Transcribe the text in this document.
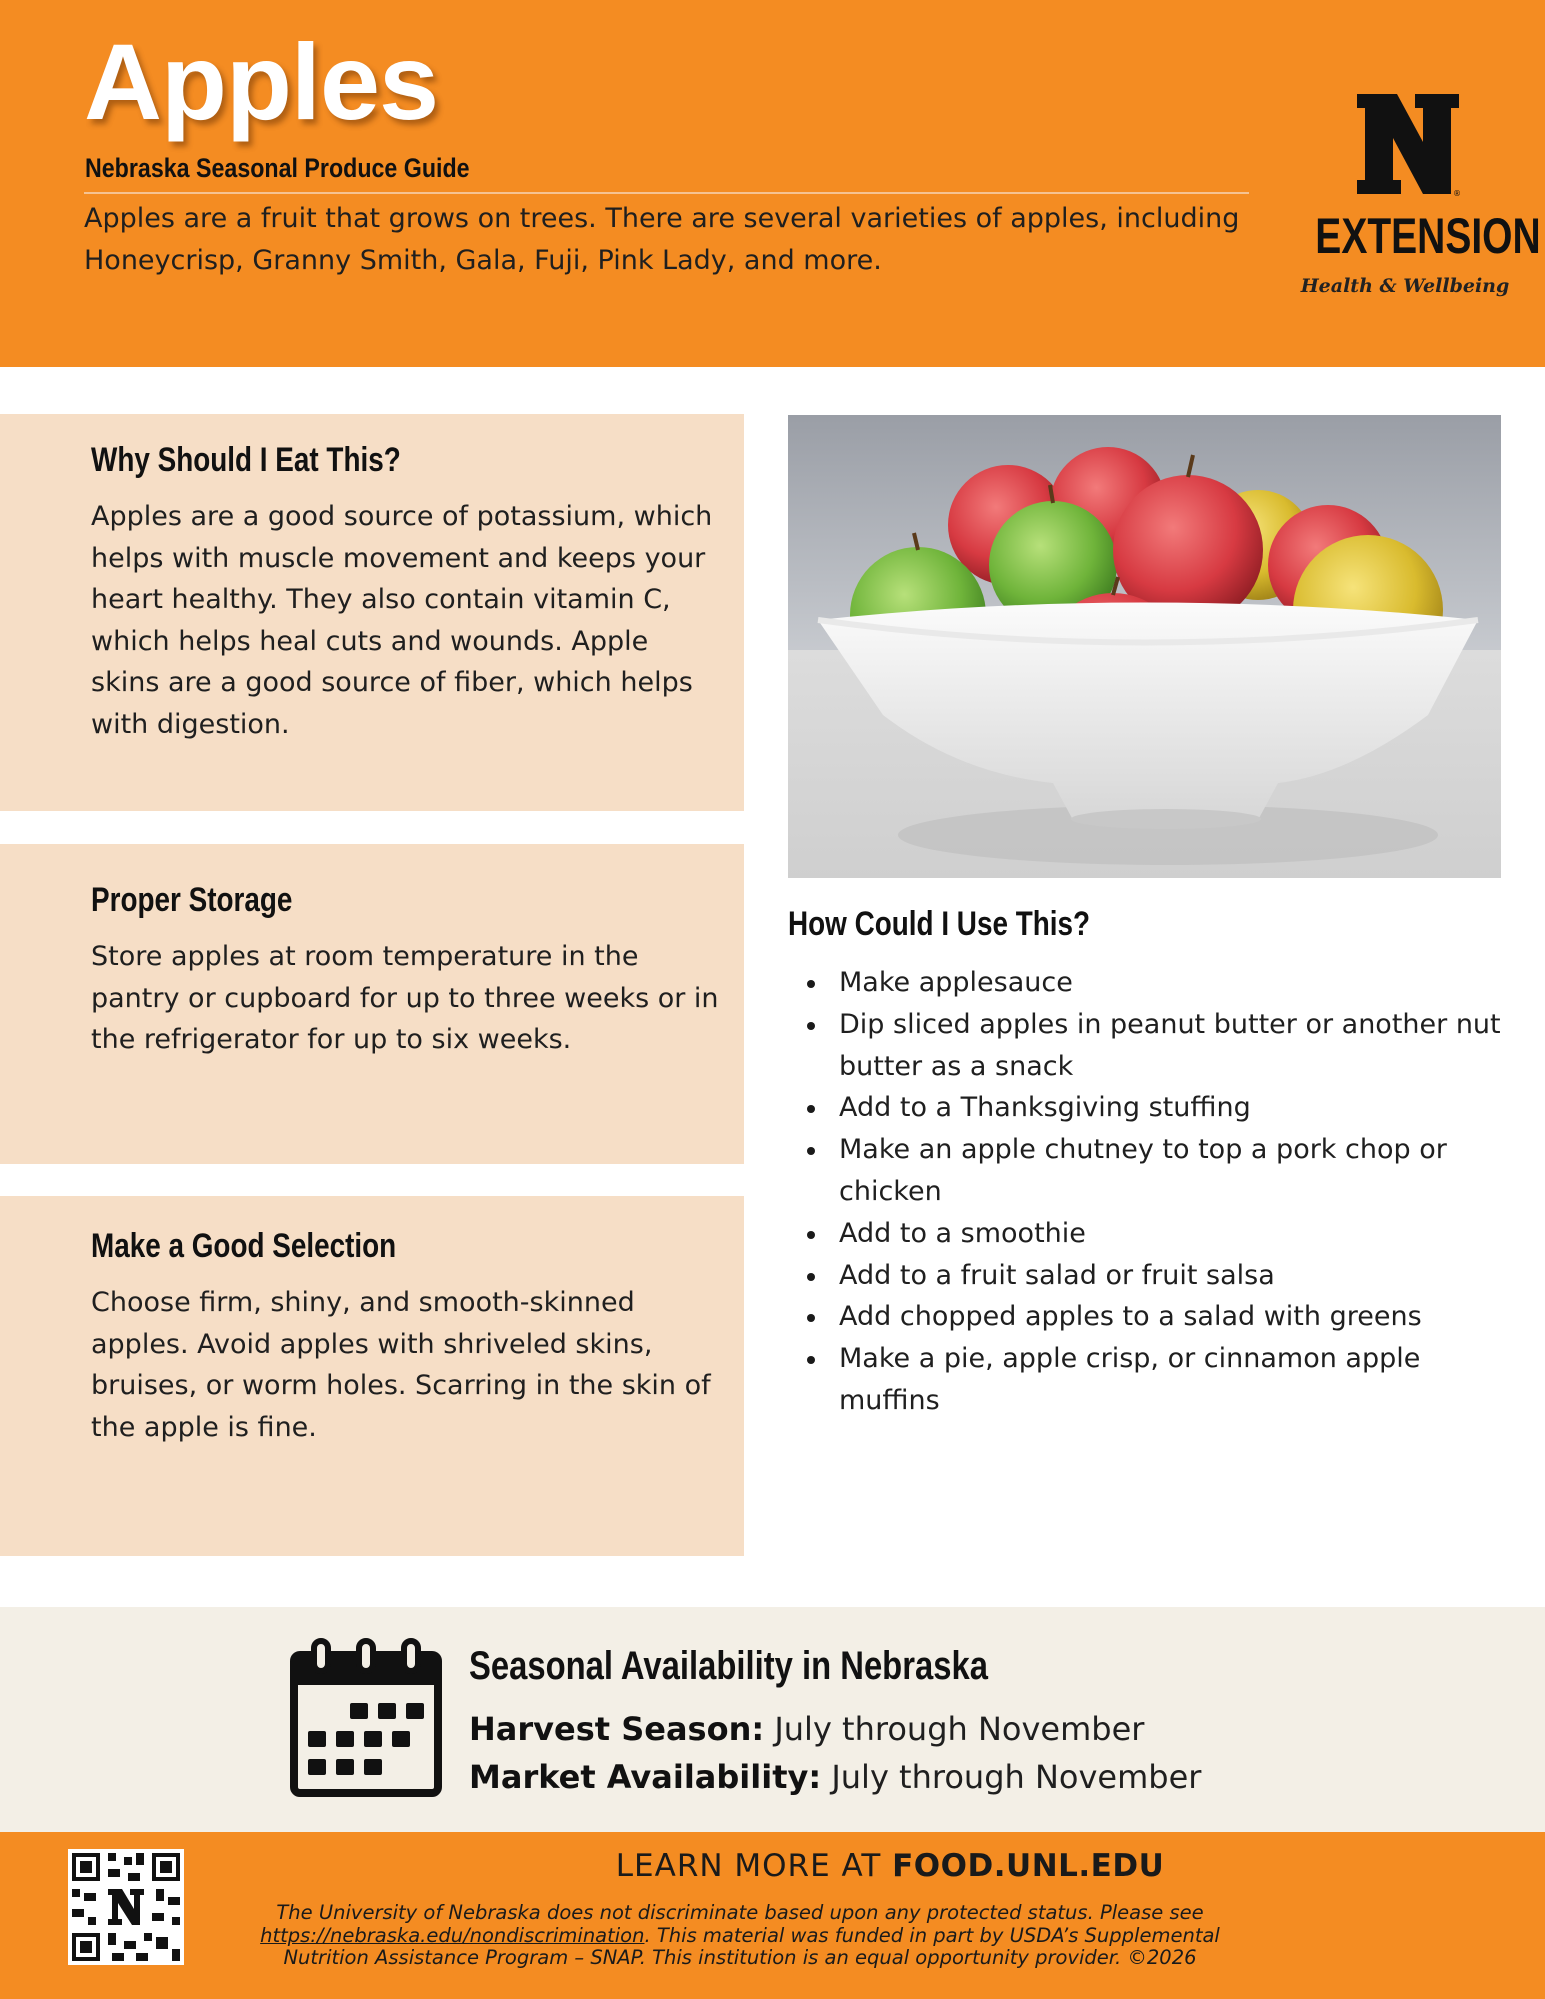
Apples
Nebraska Seasonal Produce Guide
Apples are a fruit that grows on trees. There are several varieties of apples, including Honeycrisp, Granny Smith, Gala, Fuji, Pink Lady, and more.
®
EXTENSION
Health & Wellbeing
Why Should I Eat This?

Apples are a good source of potassium, which helps with muscle movement and keeps your heart healthy. They also contain vitamin C, which helps heal cuts and wounds. Apple skins are a good source of fiber, which helps with digestion.

Proper Storage

Store apples at room temperature in the pantry or cupboard for up to three weeks or in the refrigerator for up to six weeks.

Make a Good Selection

Choose firm, shiny, and smooth-skinned apples. Avoid apples with shriveled skins, bruises, or worm holes. Scarring in the skin of the apple is fine.

How Could I Use This?
Make applesauce
Dip sliced apples in peanut butter or another nut butter as a snack
Add to a Thanksgiving stuffing
Make an apple chutney to top a pork chop or chicken
Add to a smoothie
Add to a fruit salad or fruit salsa
Add chopped apples to a salad with greens
Make a pie, apple crisp, or cinnamon apple muffins
Seasonal Availability in Nebraska
Harvest Season: July through November
Market Availability: July through November
LEARN MORE AT FOOD.UNL.EDU
The University of Nebraska does not discriminate based upon any protected status. Please see https://nebraska.edu/nondiscrimination. This material was funded in part by USDA’s Supplemental Nutrition Assistance Program – SNAP. This institution is an equal opportunity provider. ©2026
